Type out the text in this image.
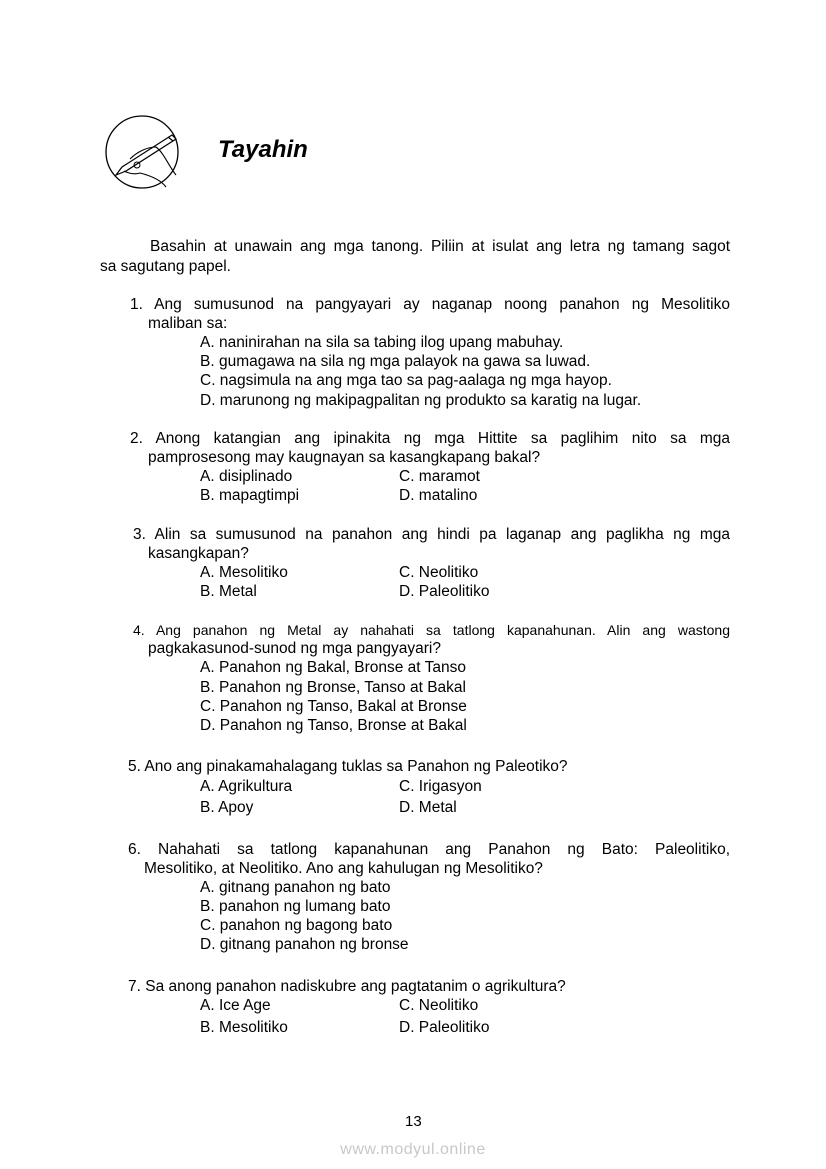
Tayahin
Basahin at unawain ang mga tanong. Piliin at isulat ang letra ng tamang sagot
sa sagutang papel.
1. Ang sumusunod na pangyayari ay naganap noong panahon ng Mesolitiko
maliban sa:
A. naninirahan na sila sa tabing ilog upang mabuhay.
B. gumagawa na sila ng mga palayok na gawa sa luwad.
C. nagsimula na ang mga tao sa pag-aalaga ng mga hayop.
D. marunong ng makipagpalitan ng produkto sa karatig na lugar.
2. Anong katangian ang ipinakita ng mga Hittite sa paglihim nito sa mga
pamprosesong may kaugnayan sa kasangkapang bakal?
A. disiplinado	C. maramot
B. mapagtimpi	D. matalino
3. Alin sa sumusunod na panahon ang hindi pa laganap ang paglikha ng mga
kasangkapan?
A. Mesolitiko	C. Neolitiko
B. Metal	D. Paleolitiko
4. Ang panahon ng Metal ay nahahati sa tatlong kapanahunan. Alin ang wastong
pagkakasunod-sunod ng mga pangyayari?
A. Panahon ng Bakal, Bronse at Tanso
B. Panahon ng Bronse, Tanso at Bakal
C. Panahon ng Tanso, Bakal at Bronse
D. Panahon ng Tanso, Bronse at Bakal
5. Ano ang pinakamahalagang tuklas sa Panahon ng Paleotiko?
A. Agrikultura	C. Irigasyon
B. Apoy	D. Metal
6. Nahahati sa tatlong kapanahunan ang Panahon ng Bato: Paleolitiko,
Mesolitiko, at Neolitiko. Ano ang kahulugan ng Mesolitiko?
A. gitnang panahon ng bato
B. panahon ng lumang bato
C. panahon ng bagong bato
D. gitnang panahon ng bronse
7. Sa anong panahon nadiskubre ang pagtatanim o agrikultura?
A. Ice Age	C. Neolitiko
B. Mesolitiko	D. Paleolitiko
13
www.modyul.online
